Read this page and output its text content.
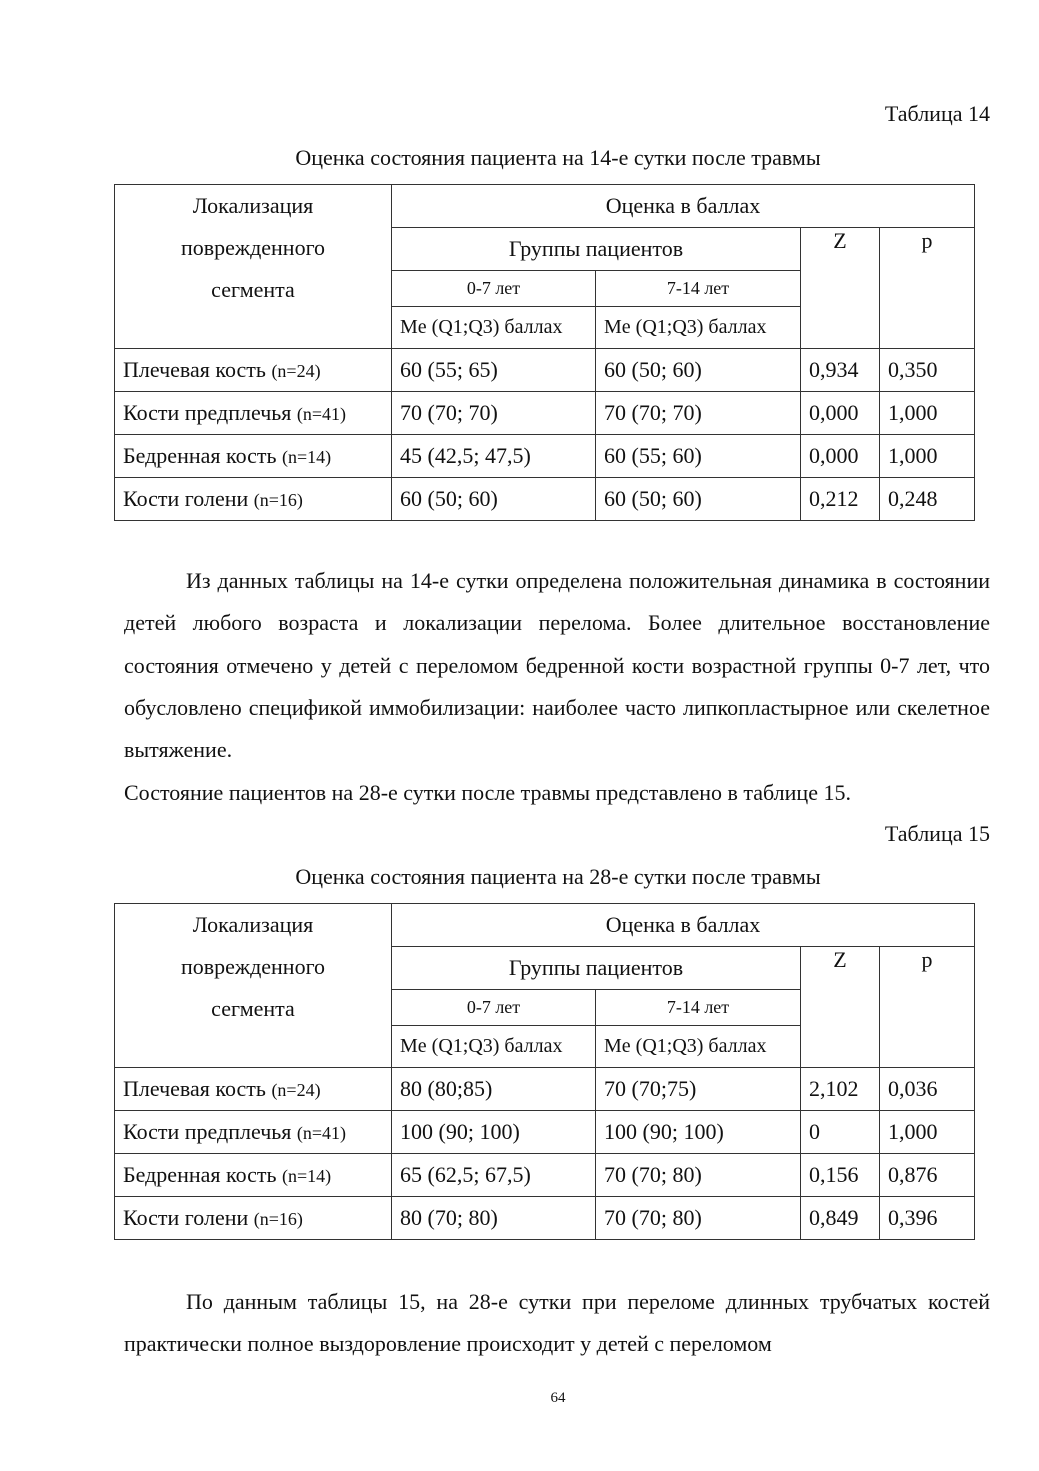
Таблица 14
Оценка состояния пациента на 14-е сутки после травмы
Локализация
поврежденного
сегмента	Оценка в баллах			
	Группы пациентов		Z	p
	0-7 лет	7-14 лет		
	Me (Q1;Q3) баллах	Me (Q1;Q3) баллах		
Плечевая кость (n=24)	60 (55; 65)	60 (50; 60)	0,934	0,350
Кости предплечья (n=41)	70 (70; 70)	70 (70; 70)	0,000	1,000
Бедренная кость (n=14)	45 (42,5; 47,5)	60 (55; 60)	0,000	1,000
Кости голени (n=16)	60 (50; 60)	60 (50; 60)	0,212	0,248
Из данных таблицы на 14-е сутки определена положительная динамика в состоянии детей любого возраста и локализации перелома. Более длительное восстановление состояния отмечено у детей с переломом бедренной кости возрастной группы 0-7 лет, что обусловлено спецификой иммобилизации: наиболее часто липкопластырное или скелетное вытяжение.
Состояние пациентов на 28-е сутки после травмы представлено в таблице 15.
Таблица 15
Оценка состояния пациента на 28-е сутки после травмы
Локализация
поврежденного
сегмента	Оценка в баллах			
	Группы пациентов		Z	p
	0-7 лет	7-14 лет		
	Me (Q1;Q3) баллах	Me (Q1;Q3) баллах		
Плечевая кость (n=24)	80 (80;85)	70 (70;75)	2,102	0,036
Кости предплечья (n=41)	100 (90; 100)	100 (90; 100)	0	1,000
Бедренная кость (n=14)	65 (62,5; 67,5)	70 (70; 80)	0,156	0,876
Кости голени (n=16)	80 (70; 80)	70 (70; 80)	0,849	0,396
По данным таблицы 15, на 28-е сутки при переломе длинных трубчатых костей практически полное выздоровление происходит у детей с переломом
64
